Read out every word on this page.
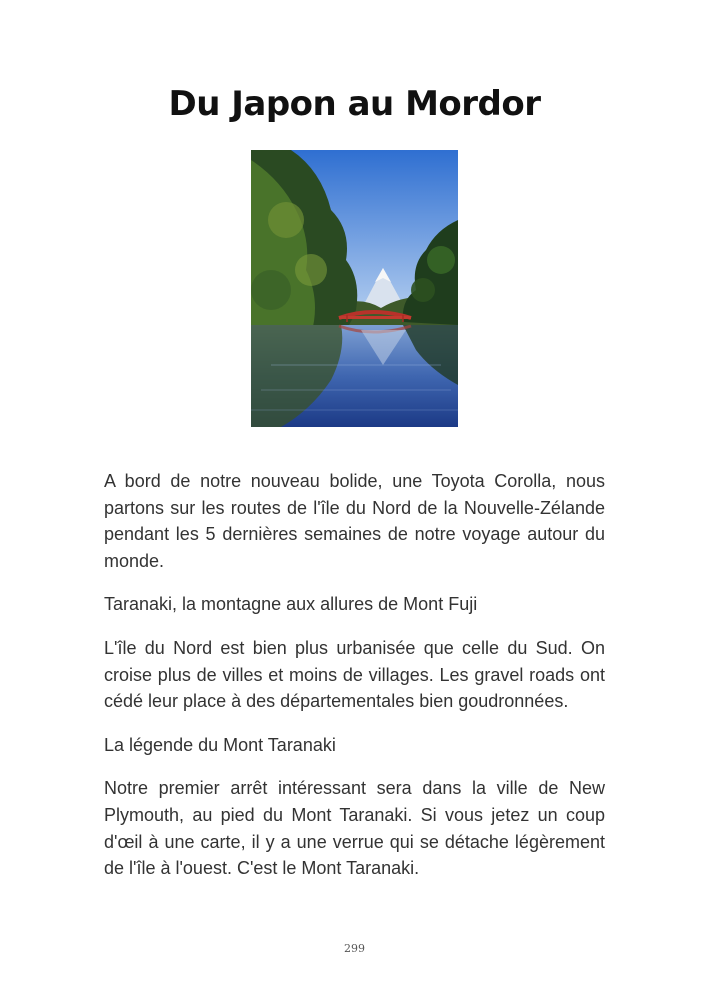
Du Japon au Mordor

A bord de notre nouveau bolide, une Toyota Corolla, nous partons sur les routes de l'île du Nord de la Nouvelle-Zélande pendant les 5 dernières semaines de notre voyage autour du monde.

Taranaki, la montagne aux allures de Mont Fuji

L'île du Nord est bien plus urbanisée que celle du Sud. On croise plus de villes et moins de villages. Les gravel roads ont cédé leur place à des départementales bien goudronnées.

La légende du Mont Taranaki

Notre premier arrêt intéressant sera dans la ville de New Plymouth, au pied du Mont Taranaki. Si vous jetez un coup d'œil à une carte, il y a une verrue qui se détache légèrement de l'île à l'ouest. C'est le Mont Taranaki.

299
